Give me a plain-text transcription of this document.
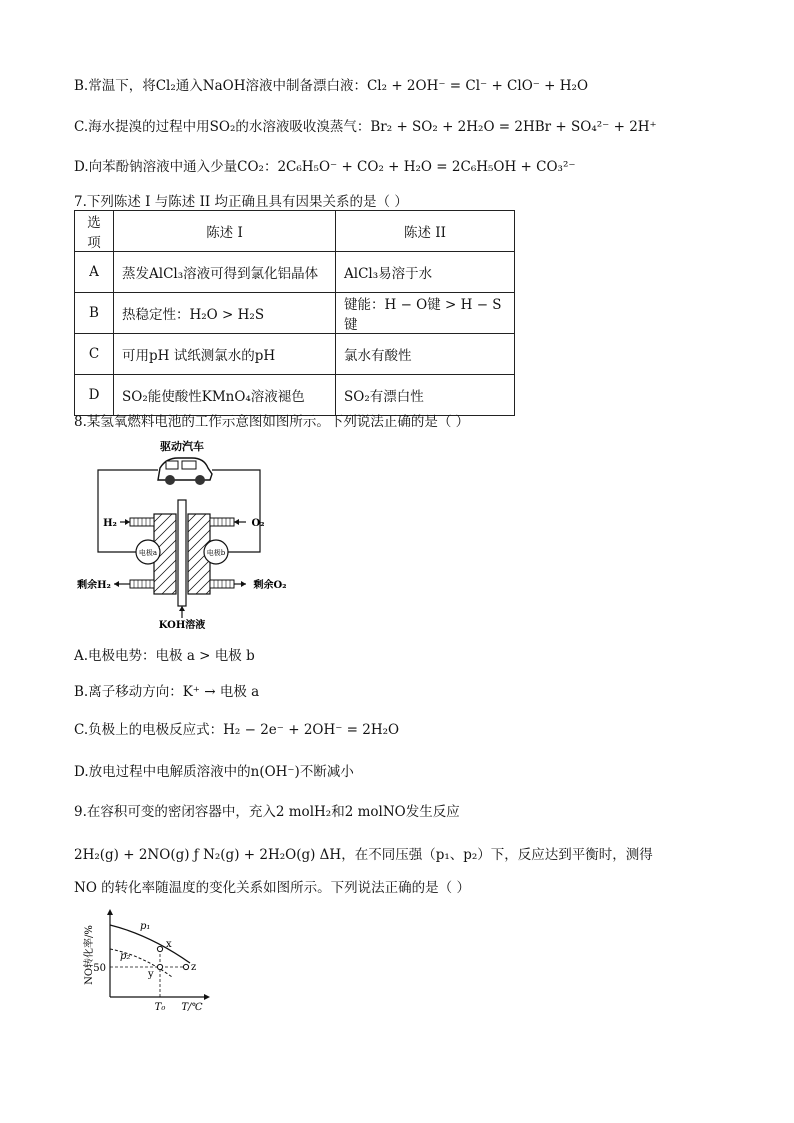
B.常温下，将Cl₂通入NaOH溶液中制备漂白液：Cl₂ + 2OH⁻ = Cl⁻ + ClO⁻ + H₂O
C.海水提溴的过程中用SO₂的水溶液吸收溴蒸气：Br₂ + SO₂ + 2H₂O = 2HBr + SO₄²⁻ + 2H⁺
D.向苯酚钠溶液中通入少量CO₂：2C₆H₅O⁻ + CO₂ + H₂O = 2C₆H₅OH + CO₃²⁻
7.下列陈述 I 与陈述 II 均正确且具有因果关系的是（ ）
选项	陈述 I	陈述 II
A	蒸发AlCl₃溶液可得到氯化铝晶体	AlCl₃易溶于水
B	热稳定性：H₂O > H₂S	键能：H − O键 > H − S键
C	可用pH 试纸测氯水的pH	氯水有酸性
D	SO₂能使酸性KMnO₄溶液褪色	SO₂有漂白性
8.某氢氧燃料电池的工作示意图如图所示。下列说法正确的是（ ）
驱动汽车
H₂	O₂
电极a	电极b
剩余H₂	剩余O₂
KOH溶液
A.电极电势：电极 a > 电极 b
B.离子移动方向：K⁺ → 电极 a
C.负极上的电极反应式：H₂ − 2e⁻ + 2OH⁻ = 2H₂O
D.放电过程中电解质溶液中的n(OH⁻)不断减小
9.在容积可变的密闭容器中，充入2 molH₂和2 molNO发生反应
2H₂(g) + 2NO(g) ƒ N₂(g) + 2H₂O(g) ΔH，在不同压强（p₁、p₂）下，反应达到平衡时，测得
NO 的转化率随温度的变化关系如图所示。下列说法正确的是（ ）
NO转化率/%
50
p₁
p₂
x
y
z
T₀ T/℃
